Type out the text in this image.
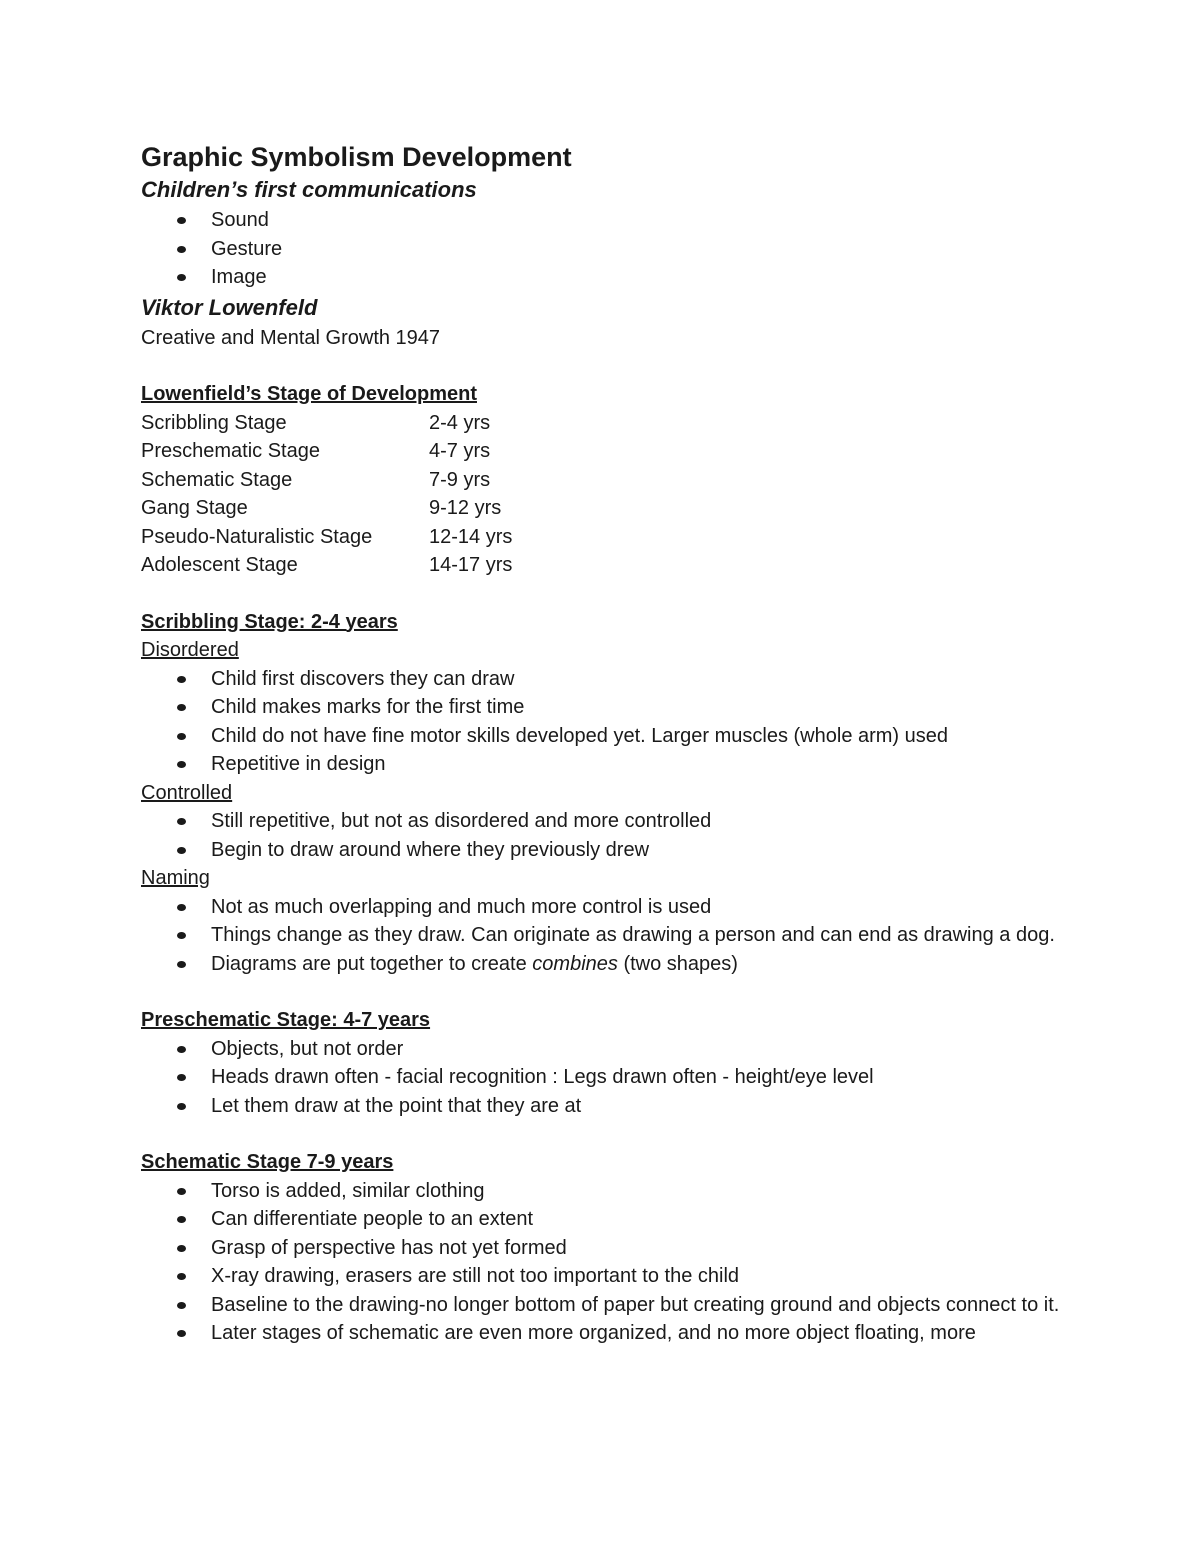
Graphic Symbolism Development

Children’s first communications

Sound
Gesture
Image

Viktor Lowenfeld

Creative and Mental Growth 1947

Lowenfield’s Stage of Development

Scribbling Stage	2-4 yrs
Preschematic Stage	4-7 yrs
Schematic Stage	7-9 yrs
Gang Stage	9-12 yrs
Pseudo-Naturalistic Stage	12-14 yrs
Adolescent Stage	14-17 yrs

Scribbling Stage: 2-4 years

Disordered

Child first discovers they can draw
Child makes marks for the first time
Child do not have fine motor skills developed yet. Larger muscles (whole arm) used
Repetitive in design

Controlled

Still repetitive, but not as disordered and more controlled
Begin to draw around where they previously drew

Naming

Not as much overlapping and much more control is used
Things change as they draw. Can originate as drawing a person and can end as drawing a dog.
Diagrams are put together to create combines (two shapes)

Preschematic Stage: 4-7 years

Objects, but not order
Heads drawn often - facial recognition : Legs drawn often - height/eye level
Let them draw at the point that they are at

Schematic Stage 7-9 years

Torso is added, similar clothing
Can differentiate people to an extent
Grasp of perspective has not yet formed
X-ray drawing, erasers are still not too important to the child
Baseline to the drawing-no longer bottom of paper but creating ground and objects connect to it.
Later stages of schematic are even more organized, and no more object floating, more
